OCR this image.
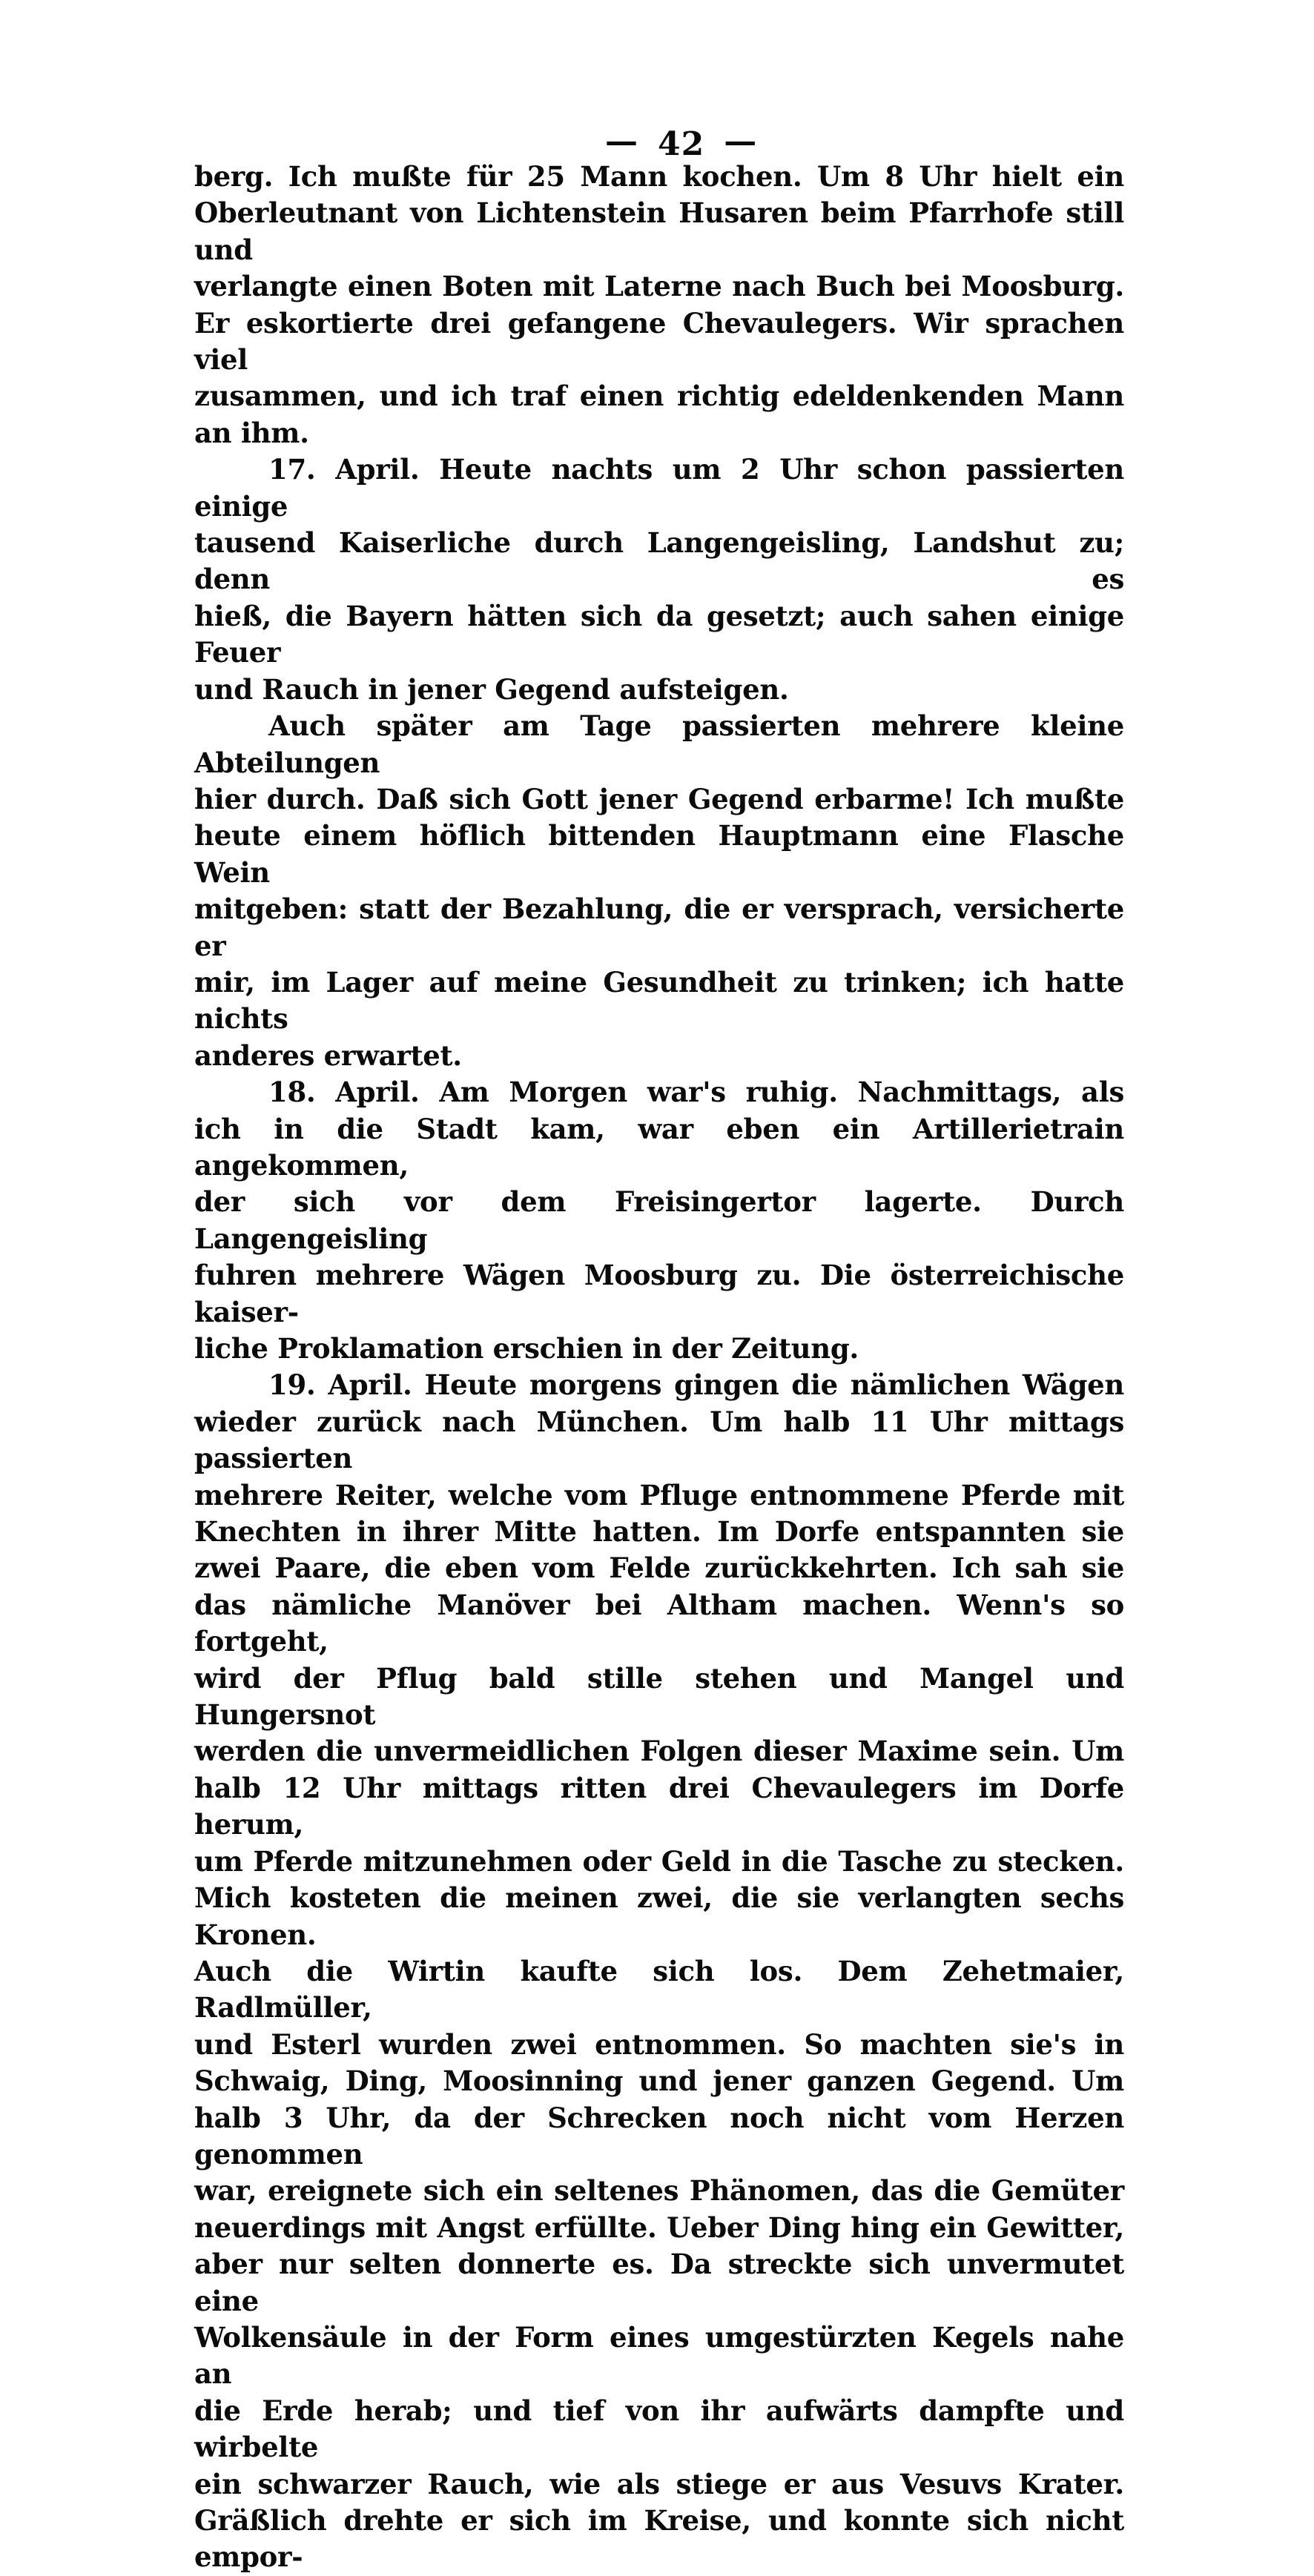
— 42 —

berg. Ich mußte für 25 Mann kochen. Um 8 Uhr hielt ein
Oberleutnant von Lichtenstein Husaren beim Pfarrhofe still und
verlangte einen Boten mit Laterne nach Buch bei Moosburg.
Er eskortierte drei gefangene Chevaulegers. Wir sprachen viel
zusammen, und ich traf einen richtig edeldenkenden Mann an ihm.
17. April. Heute nachts um 2 Uhr schon passierten einige
tausend Kaiserliche durch Langengeisling, Landshut zu; denn es
hieß, die Bayern hätten sich da gesetzt; auch sahen einige Feuer
und Rauch in jener Gegend aufsteigen.
Auch später am Tage passierten mehrere kleine Abteilungen
hier durch. Daß sich Gott jener Gegend erbarme! Ich mußte
heute einem höflich bittenden Hauptmann eine Flasche Wein
mitgeben: statt der Bezahlung, die er versprach, versicherte er
mir, im Lager auf meine Gesundheit zu trinken; ich hatte nichts
anderes erwartet.
18. April. Am Morgen war's ruhig. Nachmittags, als
ich in die Stadt kam, war eben ein Artillerietrain angekommen,
der sich vor dem Freisingertor lagerte. Durch Langengeisling
fuhren mehrere Wägen Moosburg zu. Die österreichische kaiser-
liche Proklamation erschien in der Zeitung.
19. April. Heute morgens gingen die nämlichen Wägen
wieder zurück nach München. Um halb 11 Uhr mittags passierten
mehrere Reiter, welche vom Pfluge entnommene Pferde mit
Knechten in ihrer Mitte hatten. Im Dorfe entspannten sie
zwei Paare, die eben vom Felde zurückkehrten. Ich sah sie
das nämliche Manöver bei Altham machen. Wenn's so fortgeht,
wird der Pflug bald stille stehen und Mangel und Hungersnot
werden die unvermeidlichen Folgen dieser Maxime sein. Um
halb 12 Uhr mittags ritten drei Chevaulegers im Dorfe herum,
um Pferde mitzunehmen oder Geld in die Tasche zu stecken.
Mich kosteten die meinen zwei, die sie verlangten sechs Kronen.
Auch die Wirtin kaufte sich los. Dem Zehetmaier, Radlmüller,
und Esterl wurden zwei entnommen. So machten sie's in
Schwaig, Ding, Moosinning und jener ganzen Gegend. Um
halb 3 Uhr, da der Schrecken noch nicht vom Herzen genommen
war, ereignete sich ein seltenes Phänomen, das die Gemüter
neuerdings mit Angst erfüllte. Ueber Ding hing ein Gewitter,
aber nur selten donnerte es. Da streckte sich unvermutet eine
Wolkensäule in der Form eines umgestürzten Kegels nahe an
die Erde herab; und tief von ihr aufwärts dampfte und wirbelte
ein schwarzer Rauch, wie als stiege er aus Vesuvs Krater.
Gräßlich drehte er sich im Kreise, und konnte sich nicht empor-
